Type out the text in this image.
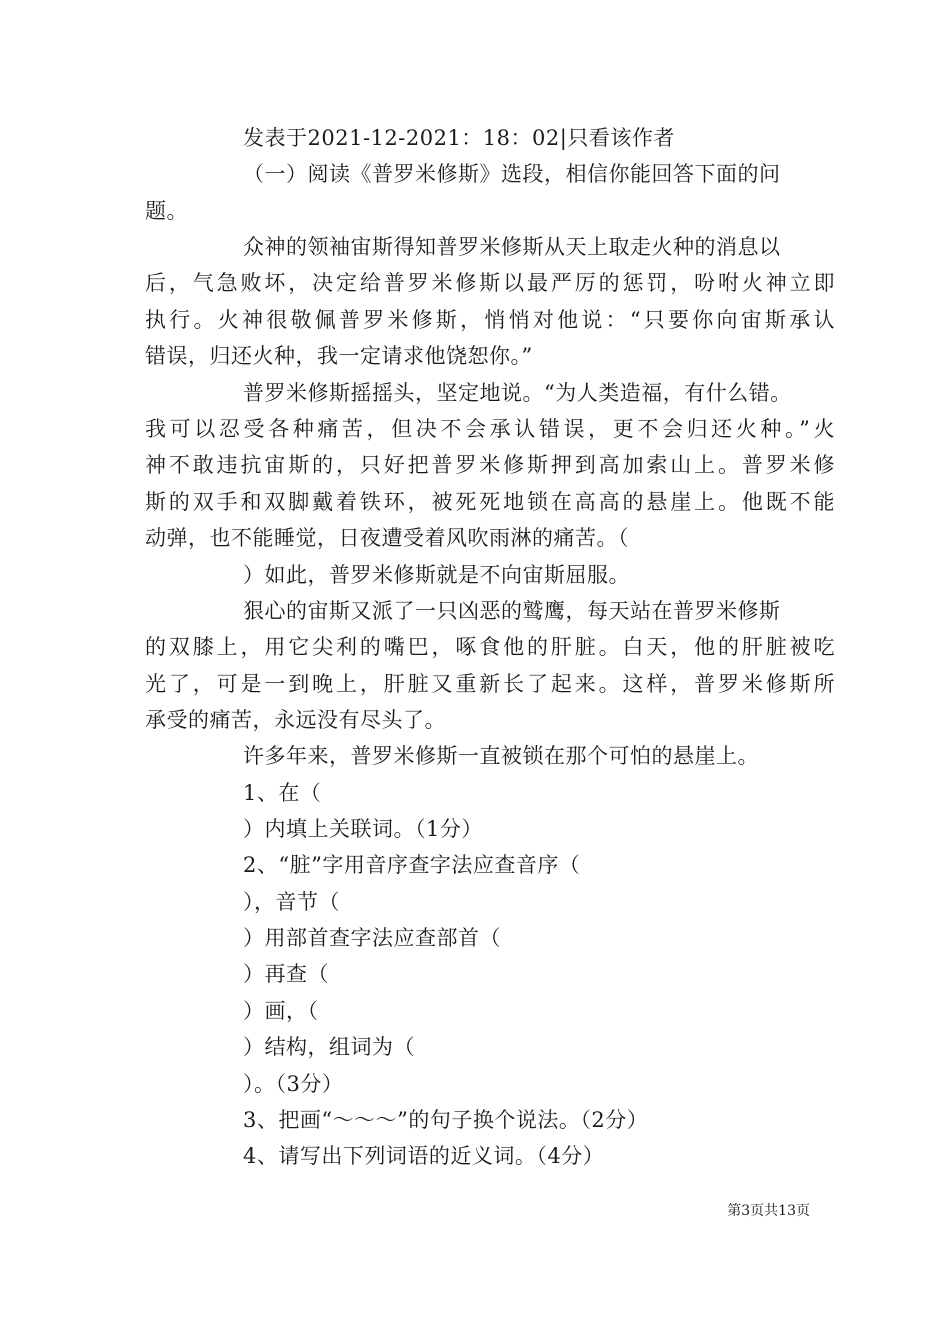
发表于2021-12-2021：18：02|只看该作者
（一）阅读《普罗米修斯》选段，相信你能回答下面的问
题。
众神的领袖宙斯得知普罗米修斯从天上取走火种的消息以
后，气急败坏，决定给普罗米修斯以最严厉的惩罚，吩咐火神立即
执行。火神很敬佩普罗米修斯，悄悄对他说：“只要你向宙斯承认
错误，归还火种，我一定请求他饶恕你。”
普罗米修斯摇摇头，坚定地说。“为人类造福，有什么错。
我可以忍受各种痛苦，但决不会承认错误，更不会归还火种。”火
神不敢违抗宙斯的，只好把普罗米修斯押到高加索山上。普罗米修
斯的双手和双脚戴着铁环，被死死地锁在高高的悬崖上。他既不能
动弹，也不能睡觉，日夜遭受着风吹雨淋的痛苦。（
）如此，普罗米修斯就是不向宙斯屈服。
狠心的宙斯又派了一只凶恶的鹫鹰，每天站在普罗米修斯
的双膝上，用它尖利的嘴巴，啄食他的肝脏。白天，他的肝脏被吃
光了，可是一到晚上，肝脏又重新长了起来。这样，普罗米修斯所
承受的痛苦，永远没有尽头了。
许多年来，普罗米修斯一直被锁在那个可怕的悬崖上。
1、在（
）内填上关联词。（1分）
2、“脏”字用音序查字法应查音序（
），音节（
）用部首查字法应查部首（
）再查（
）画，（
）结构，组词为（
）。（3分）
3、把画“～～～”的句子换个说法。（2分）
4、请写出下列词语的近义词。（4分）
第3页共13页
